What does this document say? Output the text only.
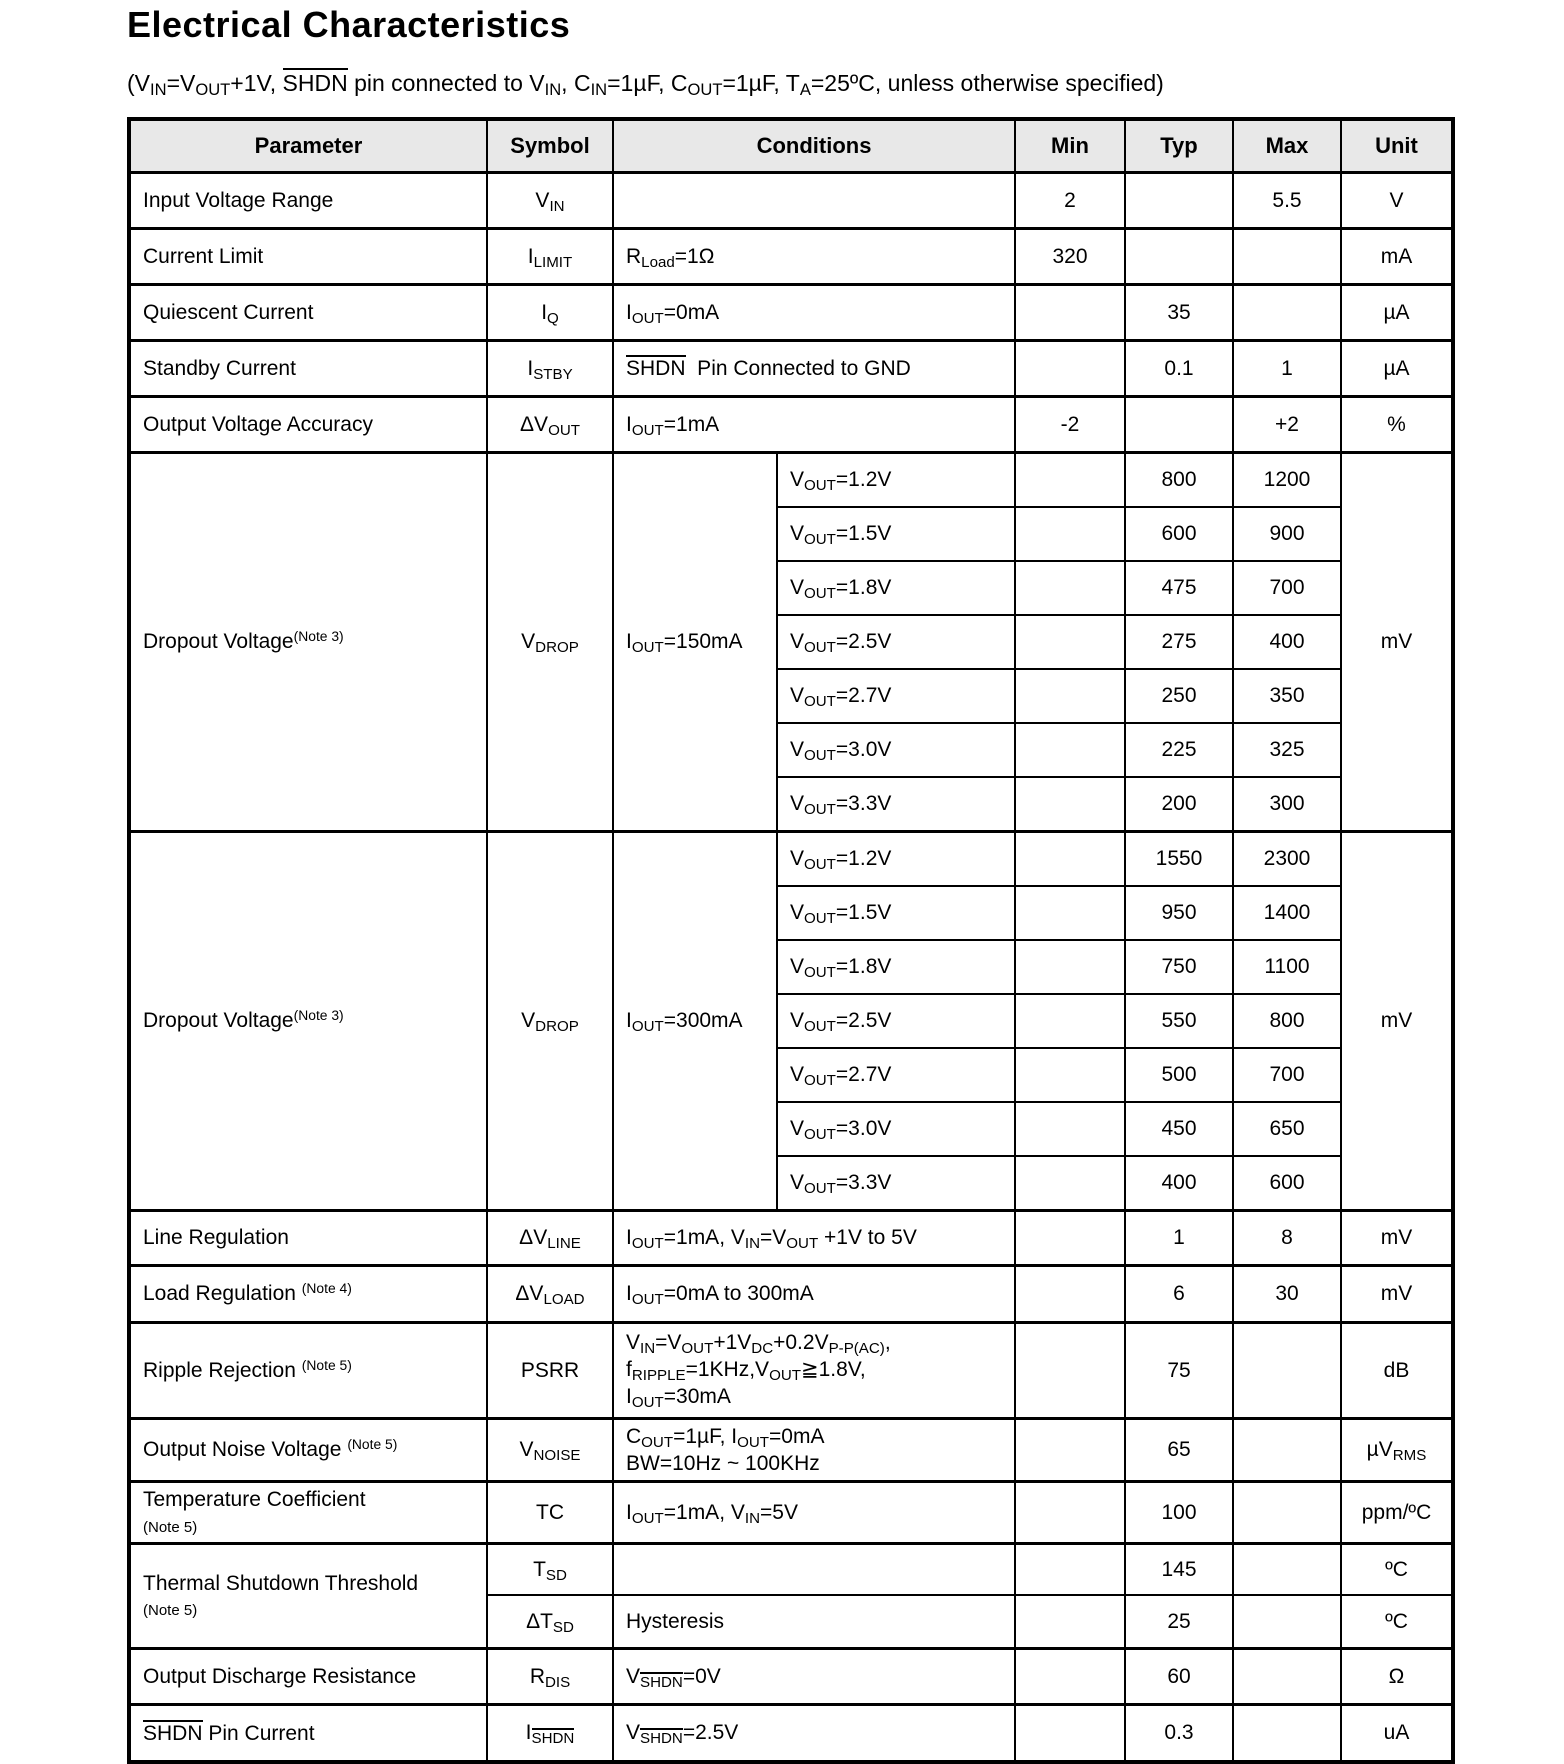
Electrical Characteristics
($V_{IN}=V_{OUT}+1V$, SHDN pin connected to $V_{IN}$, $C_{IN}=1\mu F$, $C_{OUT}=1\mu F$, $T_A=25ºC$, unless otherwise specified)
Parameter	Symbol	Conditions		Min	Typ	Max	Unit
Input Voltage Range	$V_{IN}$			2		5.5	V
Current Limit	$I_{LIMIT}$	$R_{Load}=1\Omega$		320			mA
Quiescent Current	$I_Q$	$I_{OUT}=0mA$			35		µA
Standby Current	$I_{STBY}$	SHDN  Pin Connected to GND			0.1	1	µA
Output Voltage Accuracy	$\Delta V_{OUT}$	$I_{OUT}=1mA$		-2		+2	%
Dropout Voltage$^{(Note 3)}$	$V_{DROP}$	$I_{OUT}=150mA$	$V_{OUT}=1.2V$		800	1200	mV
			$V_{OUT}=1.5V$		600	900	
			$V_{OUT}=1.8V$		475	700	
			$V_{OUT}=2.5V$		275	400	
			$V_{OUT}=2.7V$		250	350	
			$V_{OUT}=3.0V$		225	325	
			$V_{OUT}=3.3V$		200	300	
Dropout Voltage$^{(Note 3)}$	$V_{DROP}$	$I_{OUT}=300mA$	$V_{OUT}=1.2V$		1550	2300	mV
			$V_{OUT}=1.5V$		950	1400	
			$V_{OUT}=1.8V$		750	1100	
			$V_{OUT}=2.5V$		550	800	
			$V_{OUT}=2.7V$		500	700	
			$V_{OUT}=3.0V$		450	650	
			$V_{OUT}=3.3V$		400	600	
Line Regulation	$\Delta V_{LINE}$	$I_{OUT}=1mA$, $V_{IN}=V_{OUT} +1V$ to 5V			1	8	mV
Load Regulation $^{(Note 4)}$	$\Delta V_{LOAD}$	$I_{OUT}=0mA$ to 300mA			6	30	mV
Ripple Rejection $^{(Note 5)}$	PSRR	$V_{IN}=V_{OUT}+1V_{DC}+0.2V_{P-P(AC)}$,
$f_{RIPPLE}=1KHz,V_{OUT}≧1.8V$,
$I_{OUT}=30mA$			75		dB
Output Noise Voltage $^{(Note 5)}$	$V_{NOISE}$	$C_{OUT}=1\mu F$, $I_{OUT}=0mA$
BW=10Hz ~ 100KHz			65		µV$_{RMS}$
Temperature Coefficient
(Note 5)	TC	$I_{OUT}=1mA$, $V_{IN}=5V$			100		ppm/ºC
Thermal Shutdown Threshold
(Note 5)	$T_{SD}$				145		ºC
	$\Delta T_{SD}$	Hysteresis			25		ºC
Output Discharge Resistance	$R_{DIS}$	$V_{SHDN}=0V$			60		Ω
SHDN Pin Current	$I_{SHDN}$	$V_{SHDN}=2.5V$			0.3		uA
